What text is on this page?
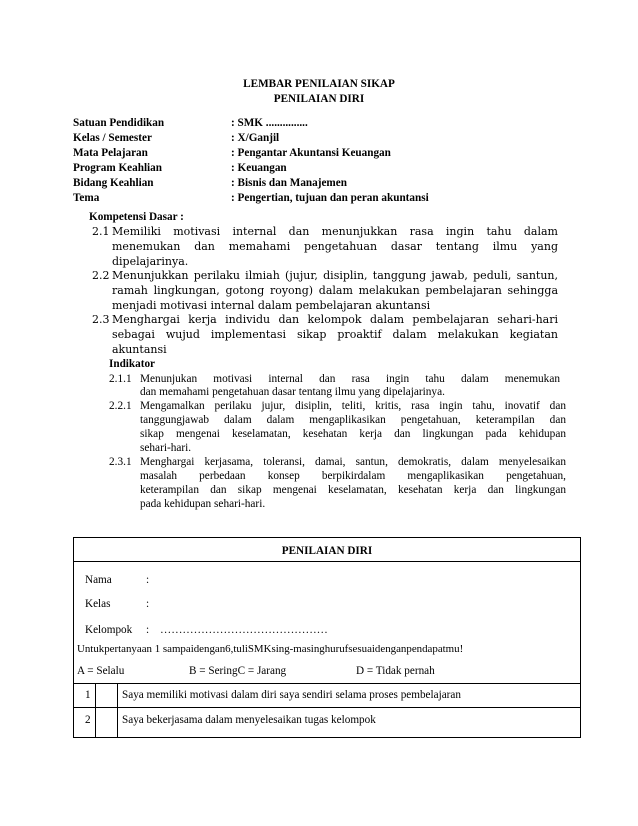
LEMBAR PENILAIAN SIKAP
PENILAIAN DIRI
Satuan Pendidikan	: SMK ...............
Kelas / Semester	: X/Ganjil
Mata Pelajaran	: Pengantar Akuntansi Keuangan
Program Keahlian	: Keuangan
Bidang Keahlian	: Bisnis dan Manajemen
Tema	: Pengertian, tujuan dan peran akuntansi
Kompetensi Dasar :
2.1 Memiliki motivasi internal dan menunjukkan rasa ingin tahu dalam
menemukan dan memahami pengetahuan dasar tentang ilmu yang
dipelajarinya.
2.2 Menunjukkan perilaku ilmiah (jujur, disiplin, tanggung jawab, peduli, santun,
ramah lingkungan, gotong royong) dalam melakukan pembelajaran sehingga
menjadi motivasi internal dalam pembelajaran akuntansi
2.3 Menghargai kerja individu dan kelompok dalam pembelajaran sehari-hari
sebagai wujud implementasi sikap proaktif dalam melakukan kegiatan
akuntansi
Indikator
2.1.1 Menunjukan motivasi internal dan rasa ingin tahu dalam menemukan
dan memahami pengetahuan dasar tentang ilmu yang dipelajarinya.
2.2.1 Mengamalkan perilaku jujur, disiplin, teliti, kritis, rasa ingin tahu, inovatif dan
tanggungjawab dalam dalam mengaplikasikan pengetahuan, keterampilan dan
sikap mengenai keselamatan, kesehatan kerja dan lingkungan pada kehidupan
sehari-hari.
2.3.1 Menghargai kerjasama, toleransi, damai, santun, demokratis, dalam menyelesaikan
masalah perbedaan konsep berpikirdalam mengaplikasikan pengetahuan,
keterampilan dan sikap mengenai keselamatan, kesehatan kerja dan lingkungan
pada kehidupan sehari-hari.
PENILAIAN DIRI
Nama	:
Kelas	:
Kelompok : ………………………………………
Untukpertanyaan 1 sampaidengan6,tuliSMKsing-masinghurufsesuaidenganpendapatmu!
A = Selalu	B = SeringC = Jarang	D = Tidak pernah
1	Saya memiliki motivasi dalam diri saya sendiri selama proses pembelajaran
2	Saya bekerjasama dalam menyelesaikan tugas kelompok
